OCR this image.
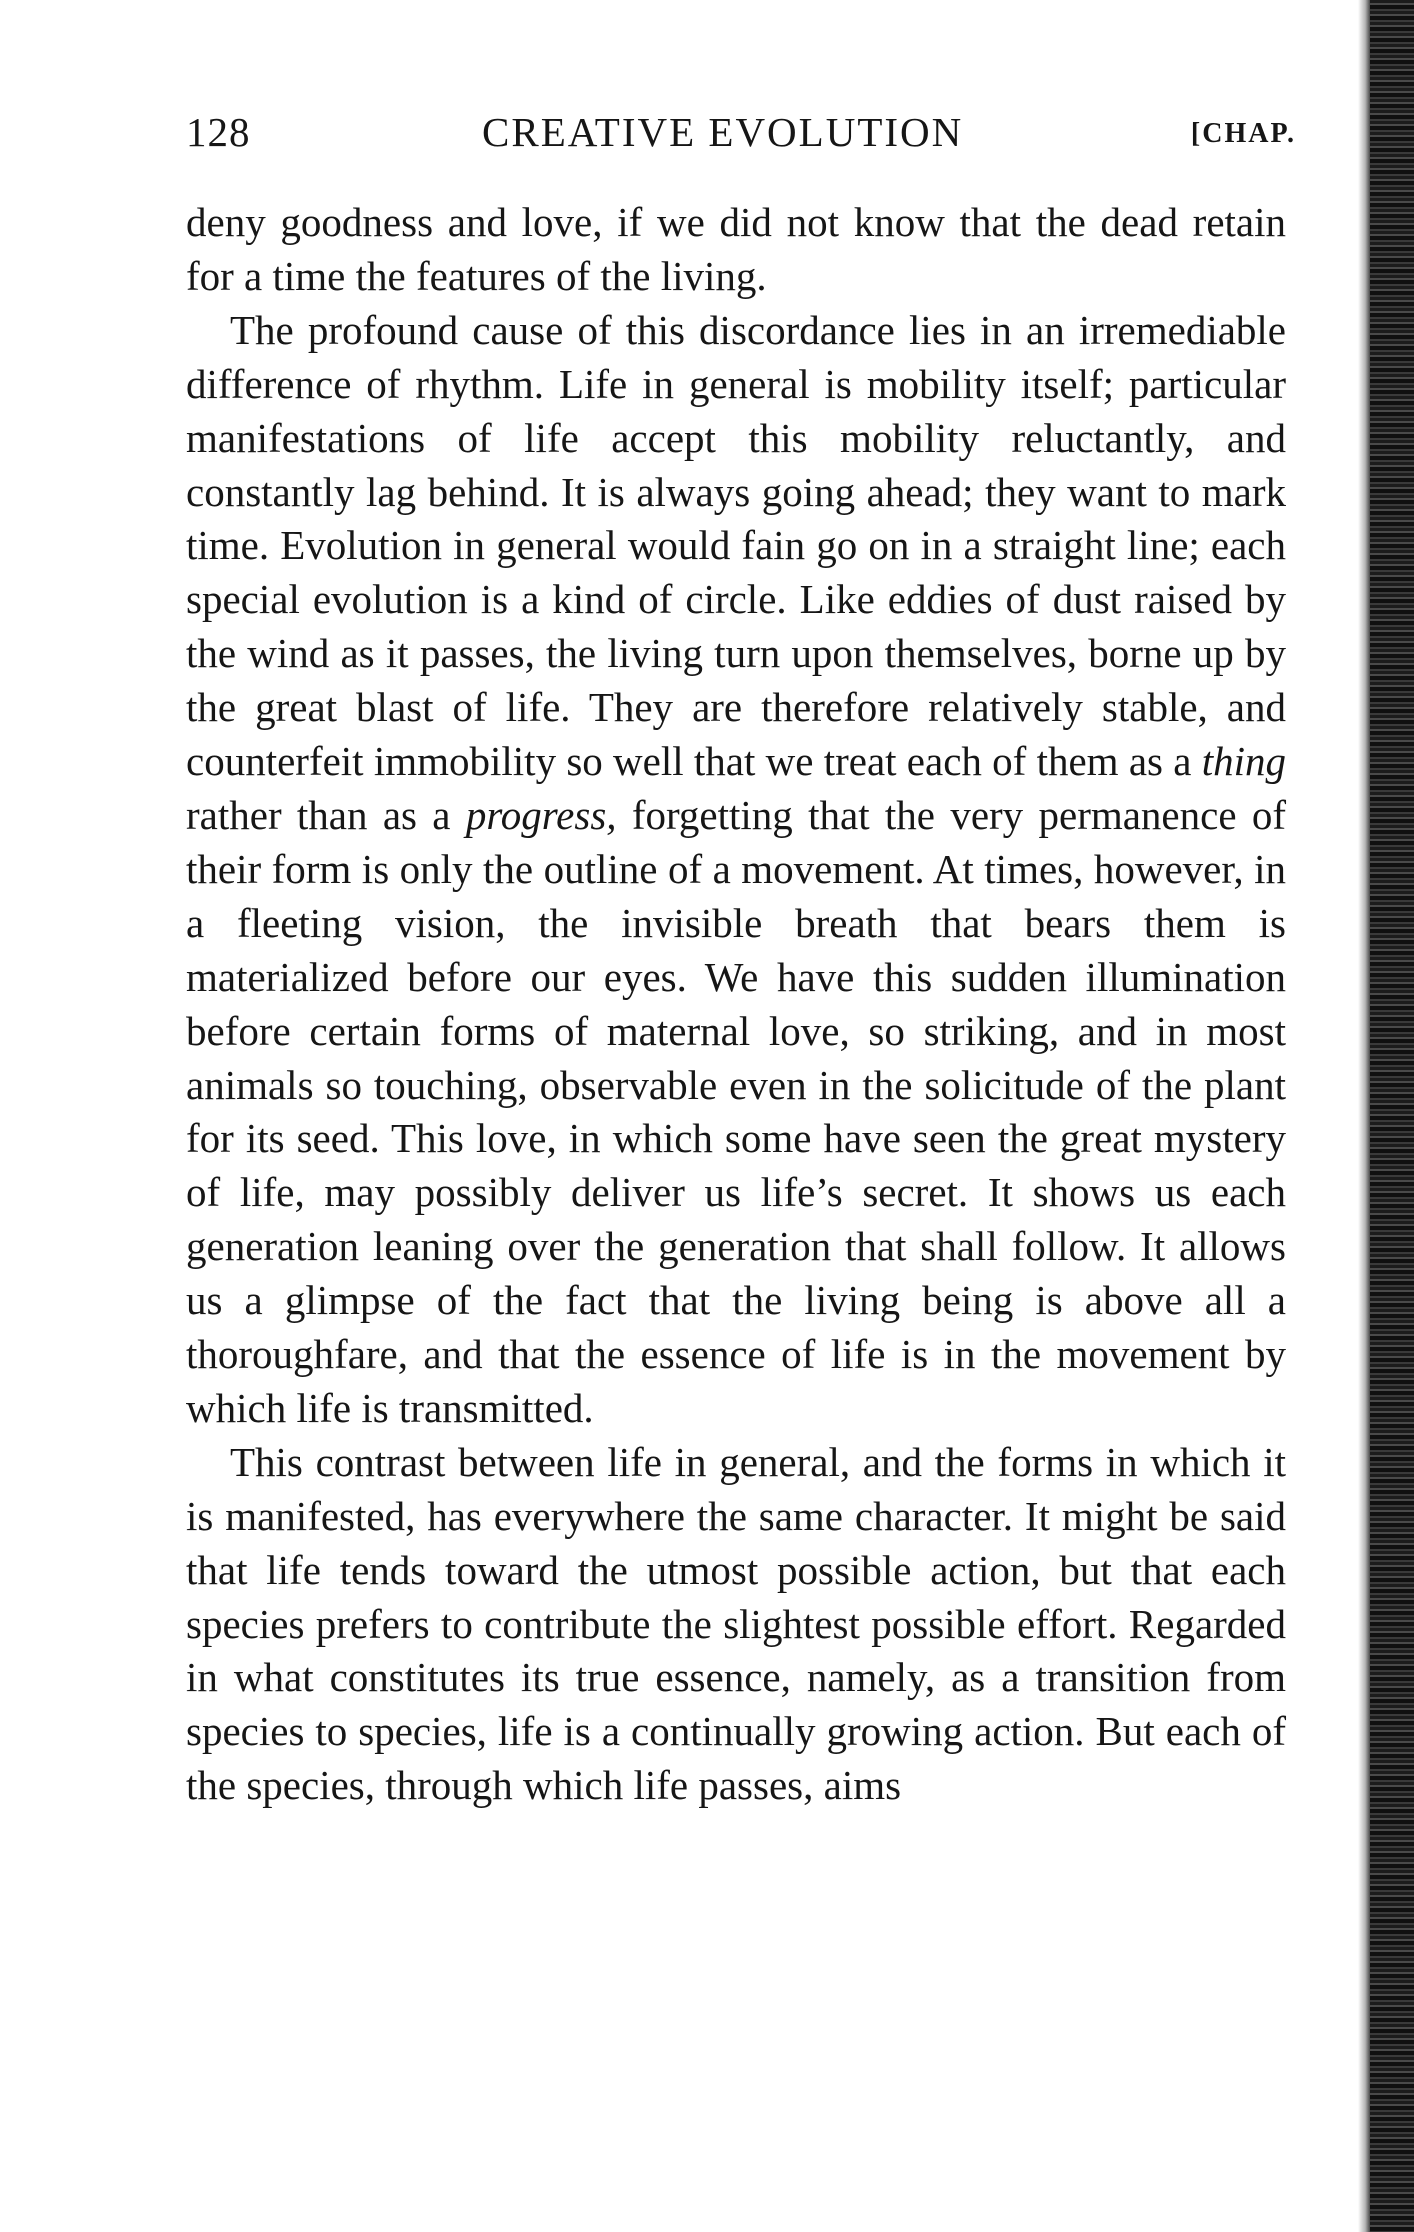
128	CREATIVE EVOLUTION	[CHAP.

deny goodness and love, if we did not know that the dead retain for a time the features of the living.

The profound cause of this discordance lies in an irremediable difference of rhythm. Life in general is mobility itself; particular manifestations of life accept this mobility reluctantly, and constantly lag behind. It is always going ahead; they want to mark time. Evolution in general would fain go on in a straight line; each special evolution is a kind of circle. Like eddies of dust raised by the wind as it passes, the living turn upon themselves, borne up by the great blast of life. They are therefore relatively stable, and counterfeit immobility so well that we treat each of them as a thing rather than as a progress, forgetting that the very permanence of their form is only the outline of a movement. At times, however, in a fleeting vision, the invisible breath that bears them is materialized before our eyes. We have this sudden illumination before certain forms of maternal love, so striking, and in most animals so touching, observable even in the solicitude of the plant for its seed. This love, in which some have seen the great mystery of life, may possibly deliver us life’s secret. It shows us each generation leaning over the generation that shall follow. It allows us a glimpse of the fact that the living being is above all a thoroughfare, and that the essence of life is in the movement by which life is transmitted.

This contrast between life in general, and the forms in which it is manifested, has everywhere the same character. It might be said that life tends toward the utmost possible action, but that each species prefers to contribute the slightest possible effort. Regarded in what constitutes its true essence, namely, as a transition from species to species, life is a continually growing action. But each of the species, through which life passes, aims
